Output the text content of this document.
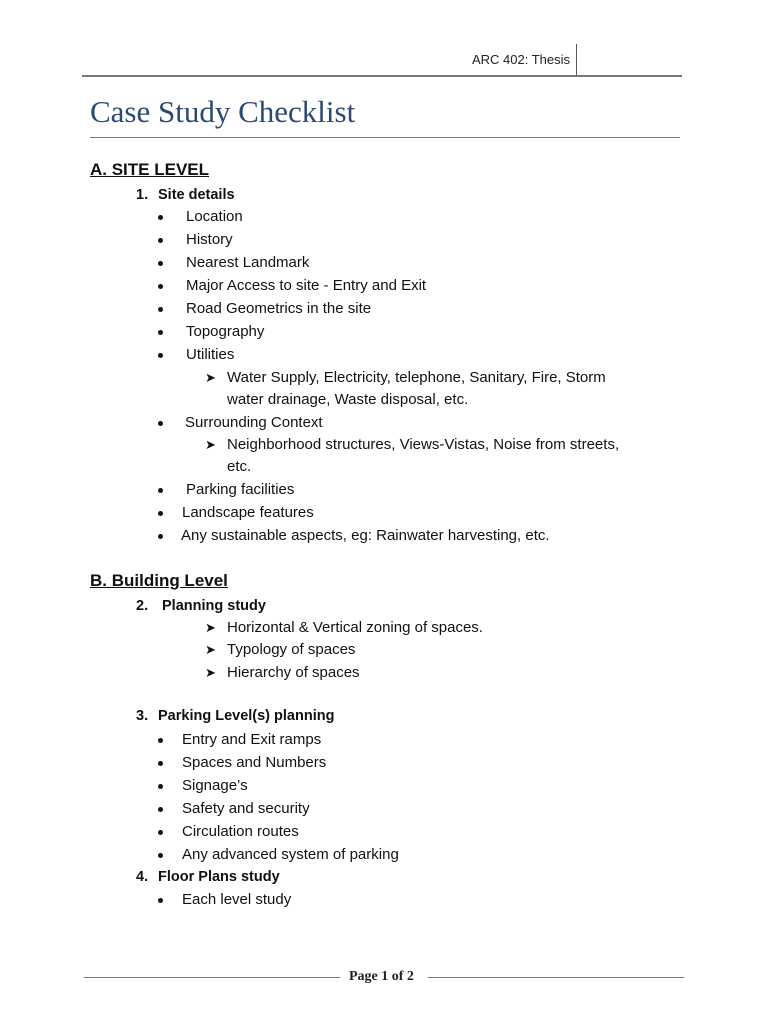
ARC 402: Thesis
Case Study Checklist
A. SITE LEVEL
1. Site details
Location
History
Nearest Landmark
Major Access to site - Entry and Exit
Road Geometrics in the site
Topography
Utilities
➤ Water Supply, Electricity, telephone, Sanitary, Fire, Storm
water drainage, Waste disposal, etc.
Surrounding Context
➤ Neighborhood structures, Views-Vistas, Noise from streets,
etc.
Parking facilities
Landscape features
Any sustainable aspects, eg: Rainwater harvesting, etc.
B. Building Level
2. Planning study
➤ Horizontal & Vertical zoning of spaces.
➤ Typology of spaces
➤ Hierarchy of spaces
3. Parking Level(s) planning
Entry and Exit ramps
Spaces and Numbers
Signage’s
Safety and security
Circulation routes
Any advanced system of parking
4. Floor Plans study
Each level study
Page 1 of 2
